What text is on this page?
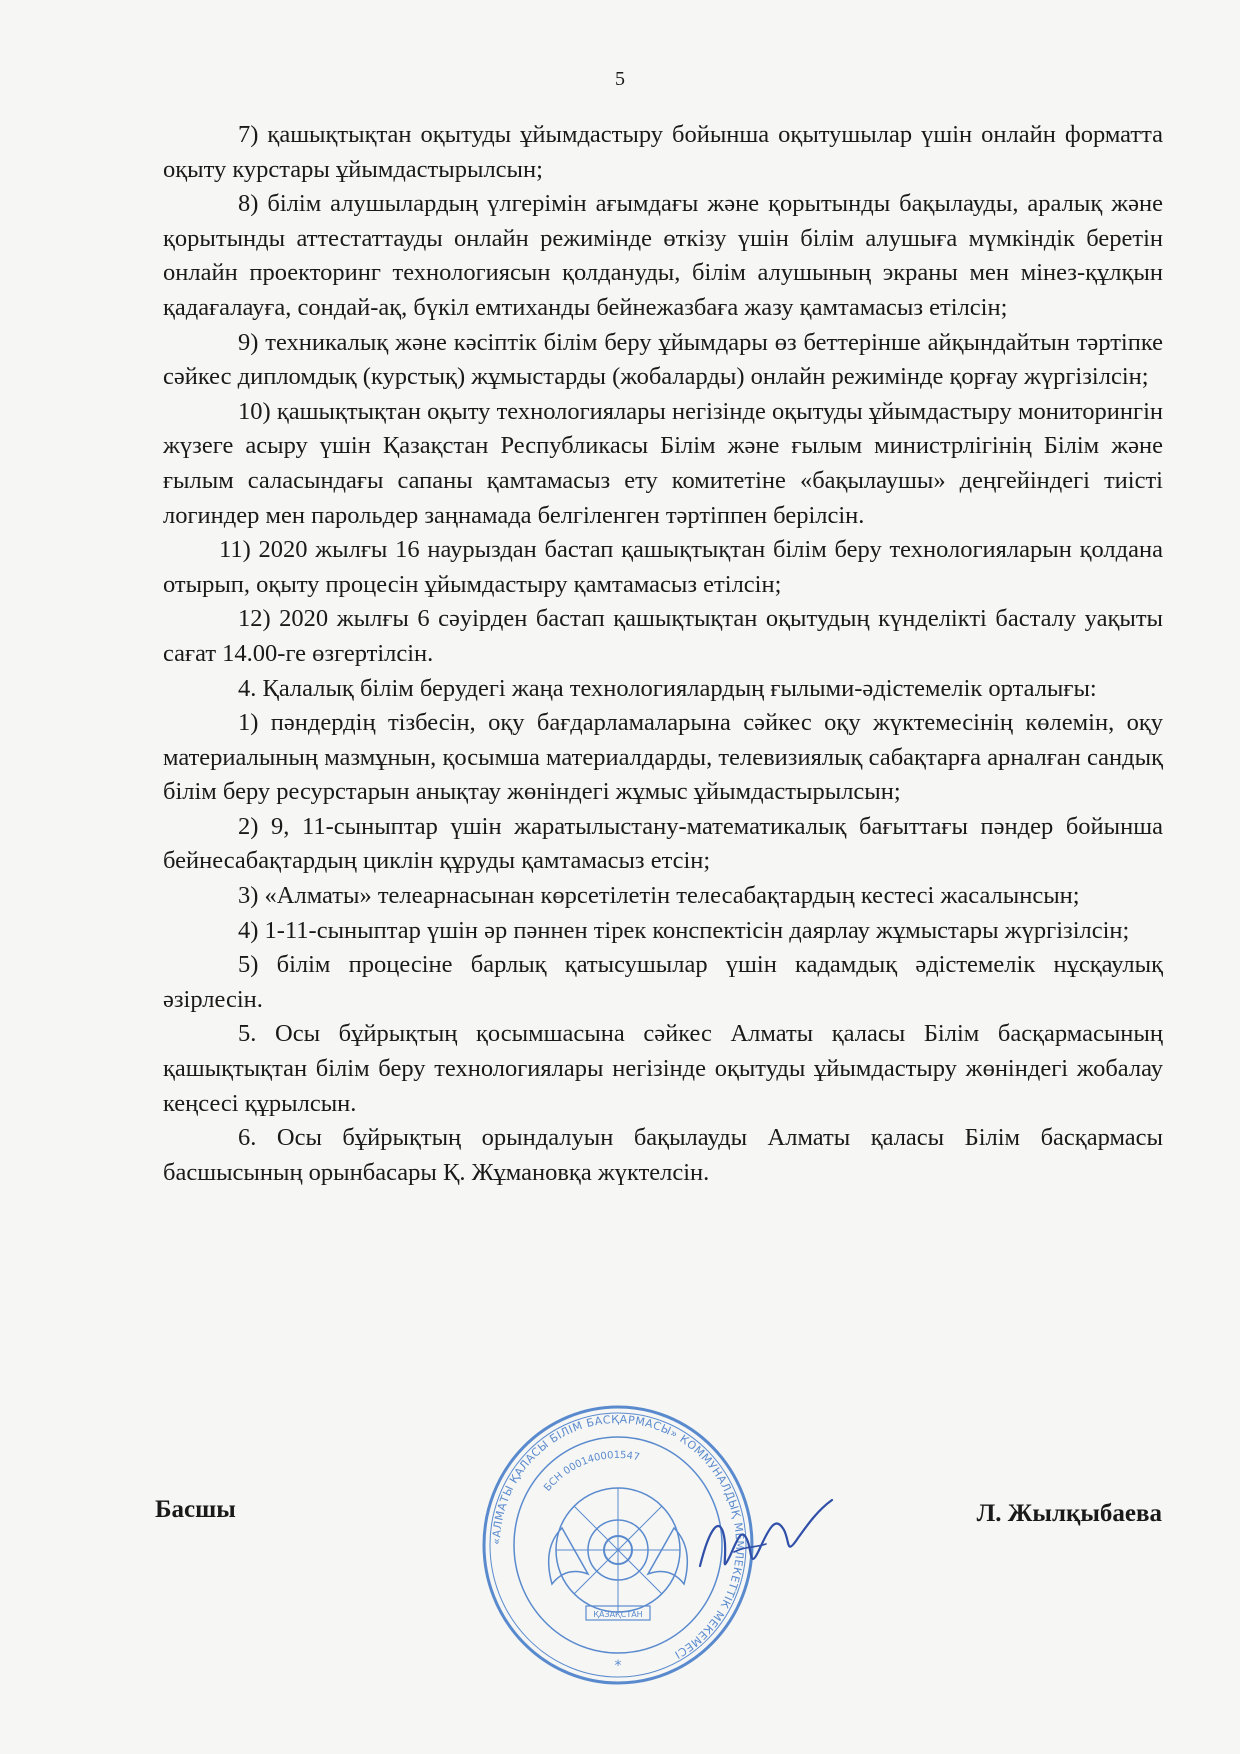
5

7) қашықтықтан оқытуды ұйымдастыру бойынша оқытушылар үшін онлайн форматта оқыту курстары ұйымдастырылсын;

8) білім алушылардың үлгерімін ағымдағы және қорытынды бақылауды, аралық және қорытынды аттестаттауды онлайн режимінде өткізу үшін білім алушыға мүмкіндік беретін онлайн проекторинг технологиясын қолдануды, білім алушының экраны мен мінез-құлқын қадағалауға, сондай-ақ, бүкіл емтиханды бейнежазбаға жазу қамтамасыз етілсін;

9) техникалық және кәсіптік білім беру ұйымдары өз беттерінше айқындайтын тәртіпке сәйкес дипломдық (курстық) жұмыстарды (жобаларды) онлайн режимінде қорғау жүргізілсін;

10) қашықтықтан оқыту технологиялары негізінде оқытуды ұйымдастыру мониторингін жүзеге асыру үшін Қазақстан Республикасы Білім және ғылым министрлігінің Білім және ғылым саласындағы сапаны қамтамасыз ету комитетіне «бақылаушы» деңгейіндегі тиісті логиндер мен парольдер заңнамада белгіленген тәртіппен берілсін.

11) 2020 жылғы 16 наурыздан бастап қашықтықтан білім беру технологияларын қолдана отырып, оқыту процесін ұйымдастыру қамтамасыз етілсін;

12) 2020 жылғы 6 сәуірден бастап қашықтықтан оқытудың күнделікті басталу уақыты сағат 14.00-ге өзгертілсін.

4. Қалалық білім берудегі жаңа технологиялардың ғылыми-әдістемелік орталығы:

1) пәндердің тізбесін, оқу бағдарламаларына сәйкес оқу жүктемесінің көлемін, оқу материалының мазмұнын, қосымша материалдарды, телевизиялық сабақтарға арналған сандық білім беру ресурстарын анықтау жөніндегі жұмыс ұйымдастырылсын;

2) 9, 11-сыныптар үшін жаратылыстану-математикалық бағыттағы пәндер бойынша бейнесабақтардың циклін құруды қамтамасыз етсін;

3) «Алматы» телеарнасынан көрсетілетін телесабақтардың кестесі жасалынсын;

4) 1-11-сыныптар үшін әр пәннен тірек конспектісін даярлау жұмыстары жүргізілсін;

5) білім процесіне барлық қатысушылар үшін кадамдық әдістемелік нұсқаулық әзірлесін.

5. Осы бұйрықтың қосымшасына сәйкес Алматы қаласы Білім басқармасының қашықтықтан білім беру технологиялары негізінде оқытуды ұйымдастыру жөніндегі жобалау кеңсесі құрылсын.

6. Осы бұйрықтың орындалуын бақылауды Алматы қаласы Білім басқармасы басшысының орынбасары Қ. Жұмановқа жүктелсін.

Басшы	Л. Жылқыбаева
«АЛМАТЫ ҚАЛАСЫ БІЛІМ БАСҚАРМАСЫ» КОММУНАЛДЫҚ МЕМЛЕКЕТТІК МЕКЕМЕСІ
БСН 000140001547
ҚАЗАҚСТАН
*
